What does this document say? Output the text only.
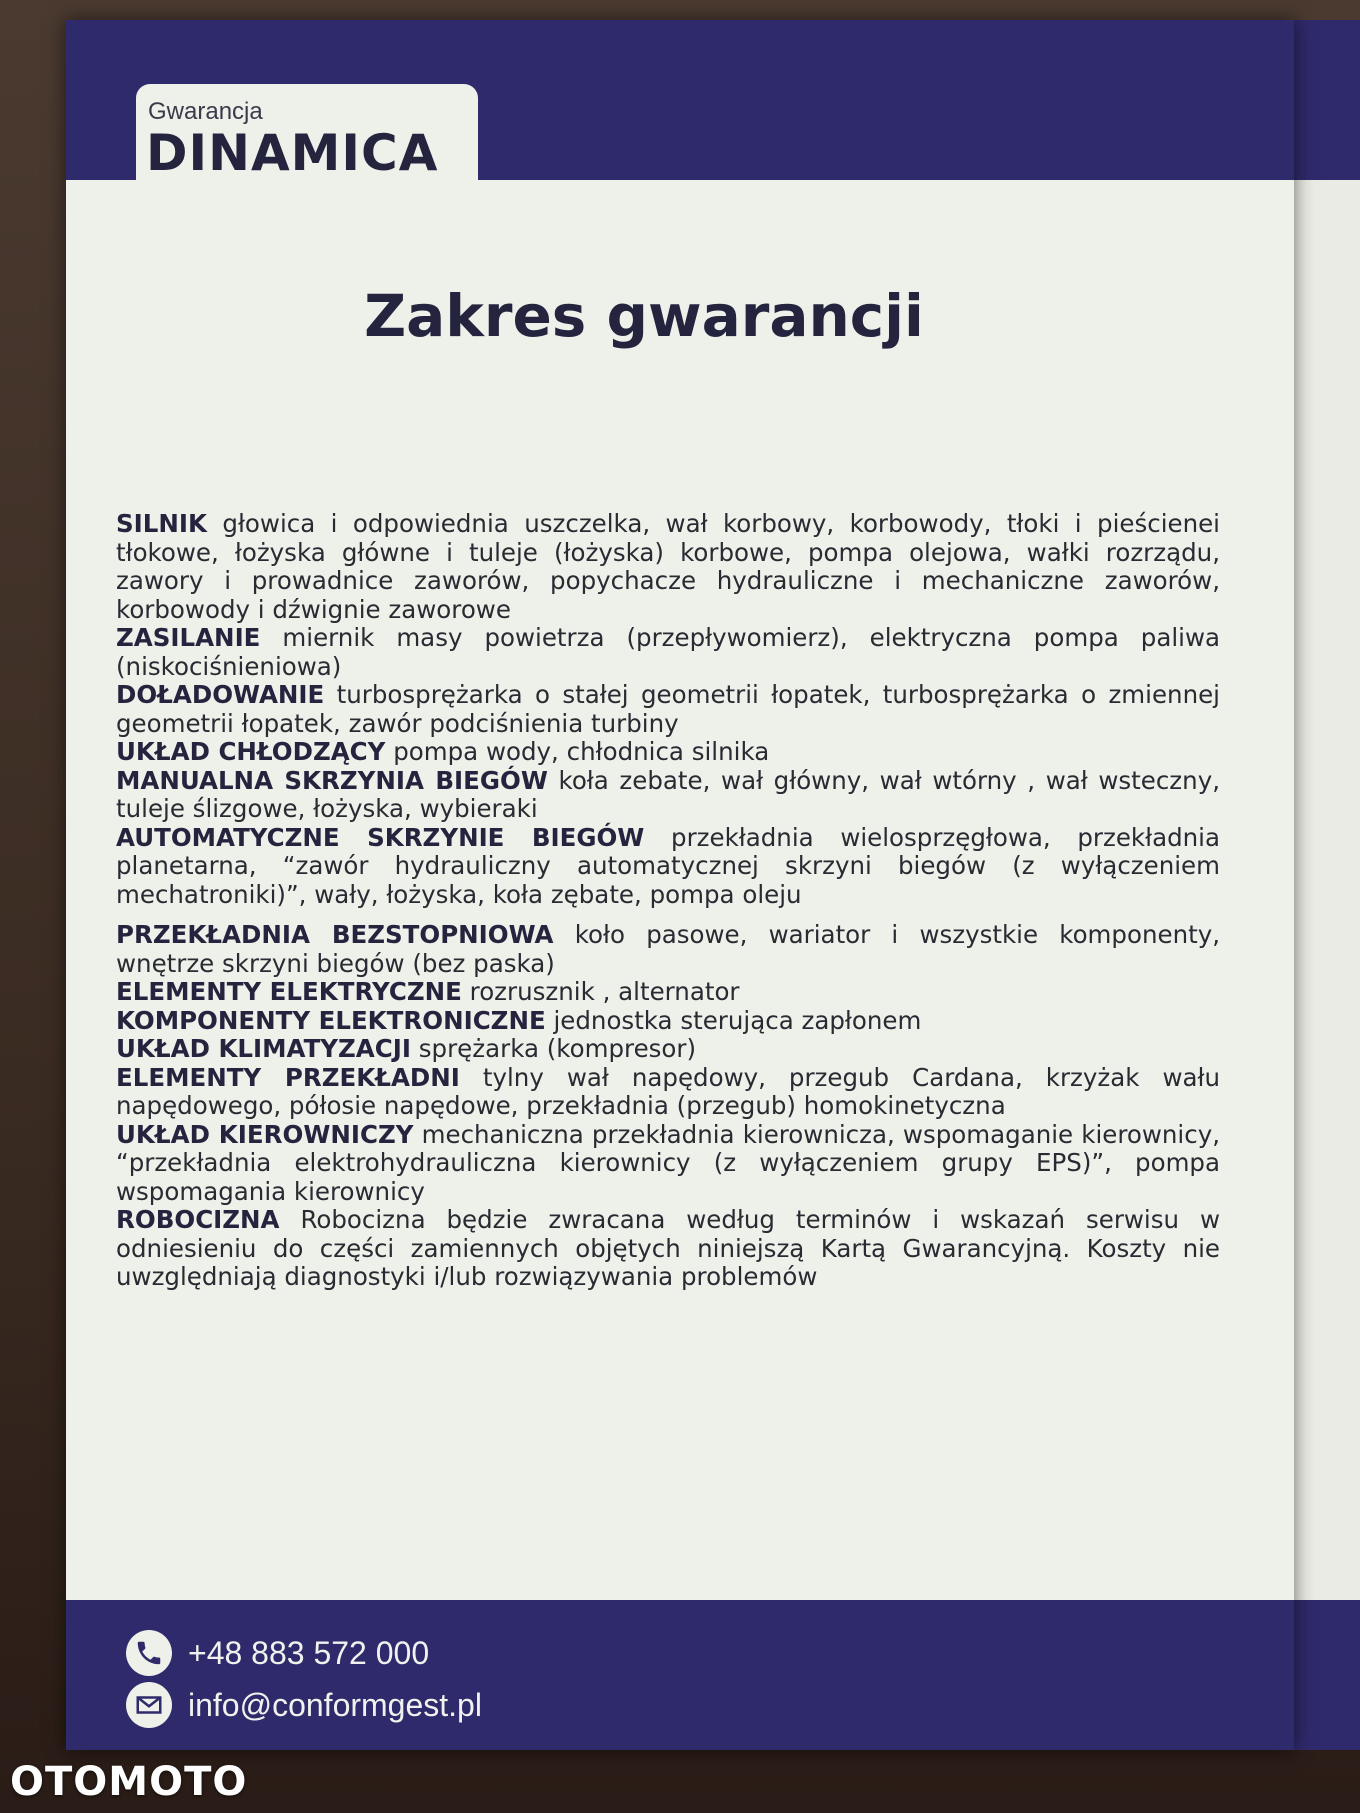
Gwarancja
DINAMICA
Zakres gwarancji

SILNIK głowica i odpowiednia uszczelka, wał korbowy, korbowody, tłoki i pieścienei tłokowe, łożyska główne i tuleje (łożyska) korbowe, pompa olejowa, wałki rozrządu, zawory i prowadnice zaworów, popychacze hydrauliczne i mechaniczne zaworów, korbowody i dźwignie zaworowe

ZASILANIE miernik masy powietrza (przepływomierz), elektryczna pompa paliwa (niskociśnieniowa)

DOŁADOWANIE turbosprężarka o stałej geometrii łopatek, turbosprężarka o zmiennej geometrii łopatek, zawór podciśnienia turbiny

UKŁAD CHŁODZĄCY pompa wody, chłodnica silnika

MANUALNA SKRZYNIA BIEGÓW koła zebate, wał główny, wał wtórny , wał wsteczny, tuleje ślizgowe, łożyska, wybieraki

AUTOMATYCZNE SKRZYNIE BIEGÓW przekładnia wielosprzęgłowa, przekładnia planetarna, “zawór hydrauliczny automatycznej skrzyni biegów (z wyłączeniem mechatroniki)”, wały, łożyska, koła zębate, pompa oleju

PRZEKŁADNIA BEZSTOPNIOWA koło pasowe, wariator i wszystkie komponenty, wnętrze skrzyni biegów (bez paska)

ELEMENTY ELEKTRYCZNE rozrusznik , alternator

KOMPONENTY ELEKTRONICZNE jednostka sterująca zapłonem

UKŁAD KLIMATYZACJI sprężarka (kompresor)

ELEMENTY PRZEKŁADNI tylny wał napędowy, przegub Cardana, krzyżak wału napędowego, półosie napędowe, przekładnia (przegub) homokinetyczna

UKŁAD KIEROWNICZY mechaniczna przekładnia kierownicza, wspomaganie kierownicy, “przekładnia elektrohydrauliczna kierownicy (z wyłączeniem grupy EPS)”, pompa wspomagania kierownicy

ROBOCIZNA Robocizna będzie zwracana według terminów i wskazań serwisu w odniesieniu do części zamiennych objętych niniejszą Kartą Gwarancyjną. Koszty nie uwzględniają diagnostyki i/lub rozwiązywania problemów

+48 883 572 000
info@conformgest.pl
OTOMOTO
